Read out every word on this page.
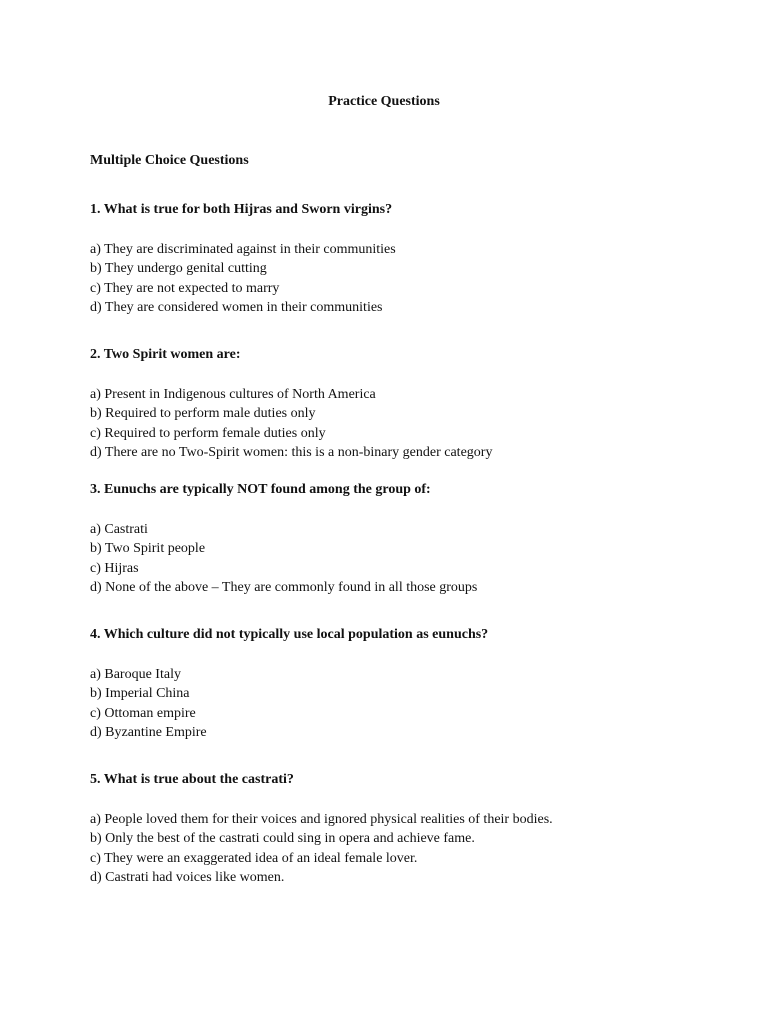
Practice Questions
Multiple Choice Questions

1. What is true for both Hijras and Sworn virgins?

a) They are discriminated against in their communities
b) They undergo genital cutting
c) They are not expected to marry
d) They are considered women in their communities

2. Two Spirit women are:

a) Present in Indigenous cultures of North America
b) Required to perform male duties only
c) Required to perform female duties only
d) There are no Two-Spirit women: this is a non-binary gender category

3. Eunuchs are typically NOT found among the group of:

a) Castrati
b) Two Spirit people
c) Hijras
d) None of the above – They are commonly found in all those groups

4. Which culture did not typically use local population as eunuchs?

a) Baroque Italy
b) Imperial China
c) Ottoman empire
d) Byzantine Empire

5. What is true about the castrati?

a) People loved them for their voices and ignored physical realities of their bodies.
b) Only the best of the castrati could sing in opera and achieve fame.
c) They were an exaggerated idea of an ideal female lover.
d) Castrati had voices like women.
